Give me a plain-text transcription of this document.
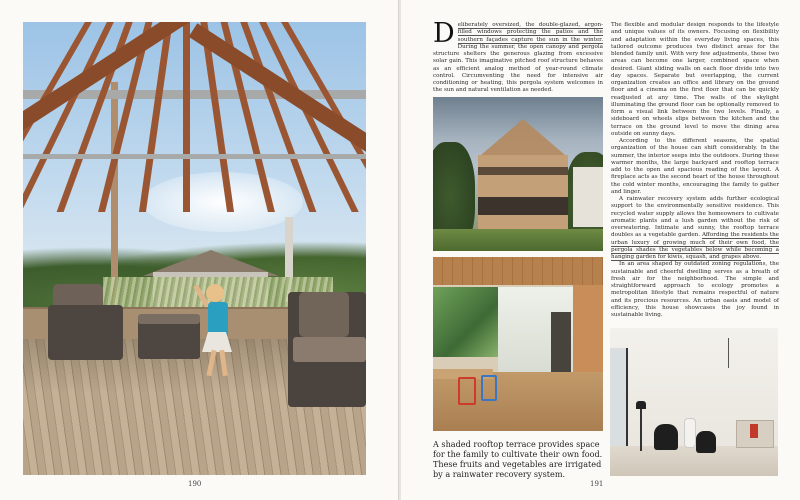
190

Deliberately oversized, the double-glazed, argon-filled windows protecting the patios and the southern façades capture the sun in the winter. During the summer, the open canopy and pergola structure shelters the generous glazing from excessive solar gain. This imaginative pitched roof structure behaves as an efficient analog method of year-round climate control. Circumventing the need for intensive air conditioning or heating, this pergola system welcomes in the sun and natural ventilation as needed.

The flexible and modular design responds to the lifestyle and unique values of its owners. Focusing on flexibility and adaptation within the everyday living spaces, this tailored outcome produces two distinct areas for the blended family unit. With very few adjustments, these two areas can become one larger, combined space when desired. Giant sliding walls on each floor divide into two day spaces. Separate but overlapping, the current organization creates an office and library on the ground floor and a cinema on the first floor that can be quickly readjusted at any time. The walls of the skylight illuminating the ground floor can be optionally removed to form a visual link between the two levels. Finally, a sideboard on wheels slips between the kitchen and the terrace on the ground level to move the dining area outside on sunny days.

According to the different seasons, the spatial organization of the house can shift considerably. In the summer, the interior seeps into the outdoors. During these warmer months, the large backyard and rooftop terrace add to the open and spacious reading of the layout. A fireplace acts as the second heart of the house throughout the cold winter months, encouraging the family to gather and linger.

A rainwater recovery system adds further ecological support to the environmentally sensitive residence. This recycled water supply allows the homeowners to cultivate aromatic plants and a lush garden without the risk of overwatering. Intimate and sunny, the rooftop terrace doubles as a vegetable garden. Affording the residents the urban luxury of growing much of their own food, the pergola shades the vegetables below while becoming a hanging garden for kiwis, squash, and grapes above.

In an area shaped by outdated zoning regulations, the sustainable and cheerful dwelling serves as a breath of fresh air for the neighborhood. The simple and straightforward approach to ecology promotes a metropolitan lifestyle that remains respectful of nature and its precious resources. An urban oasis and model of efficiency, this house showcases the joy found in sustainable living.

A shaded rooftop terrace provides space for the family to cultivate their own food. These fruits and vegetables are irrigated by a rainwater recovery system.
191
